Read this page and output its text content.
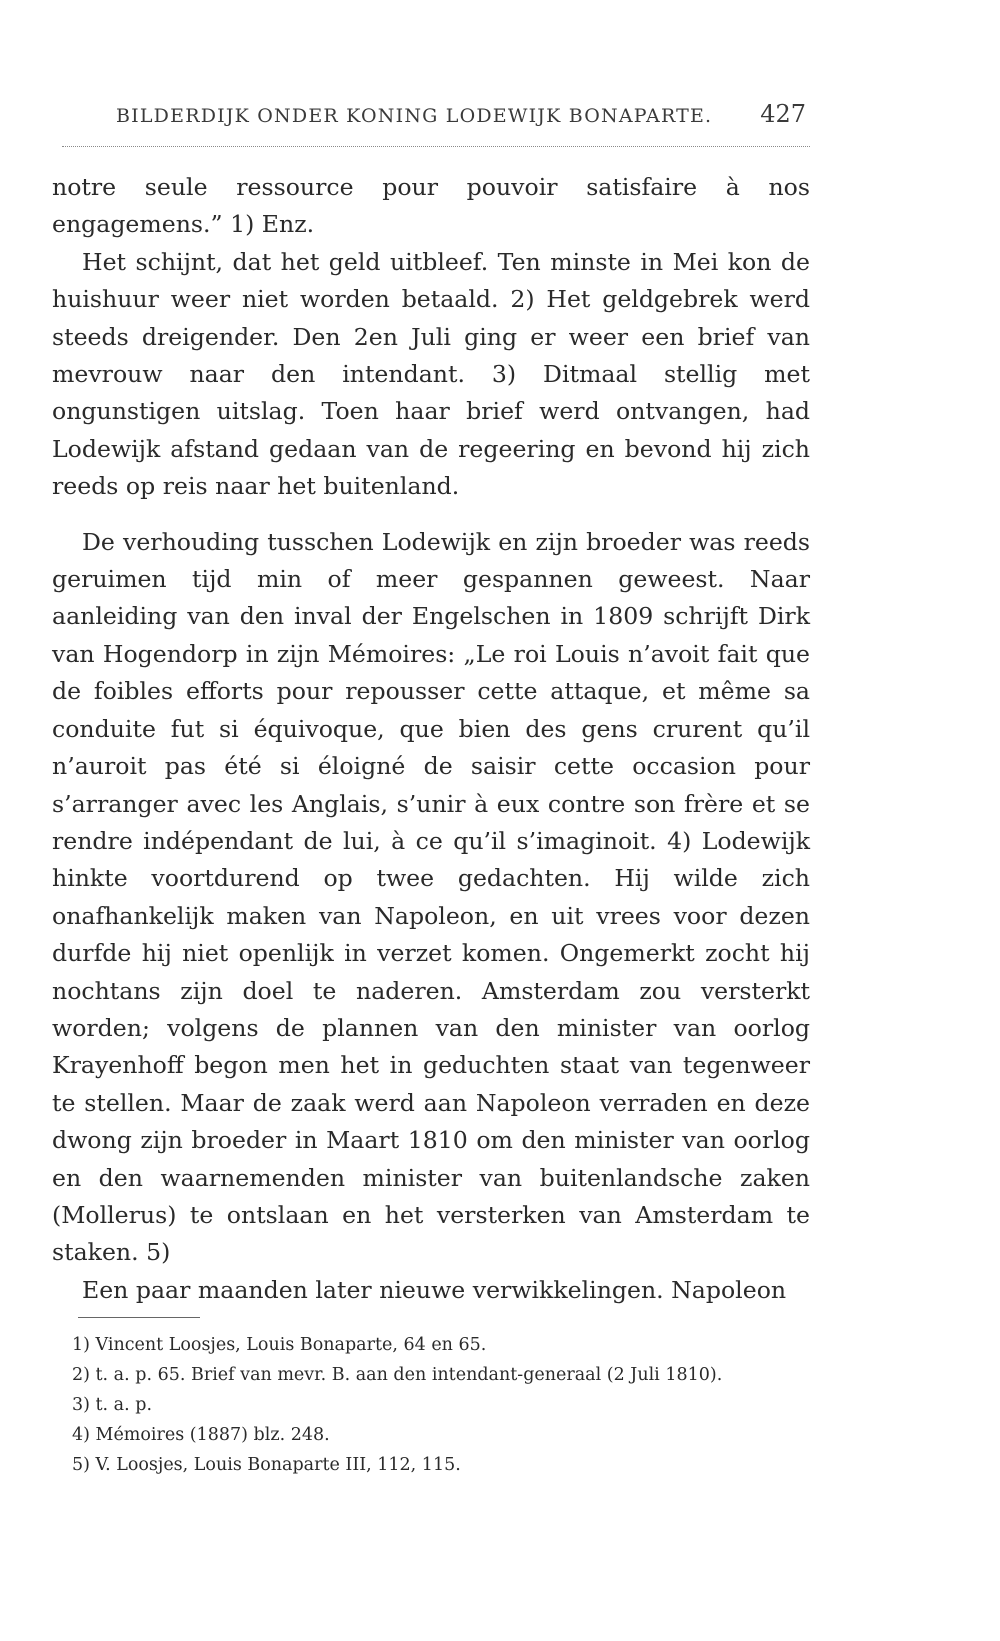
BILDERDIJK ONDER KONING LODEWIJK BONAPARTE. 427

notre seule ressource pour pouvoir satisfaire à nos engagemens.” 1) Enz.

Het schijnt, dat het geld uitbleef. Ten minste in Mei kon de huishuur weer niet worden betaald. 2) Het geldgebrek werd steeds dreigender. Den 2en Juli ging er weer een brief van mevrouw naar den intendant. 3) Ditmaal stellig met ongunstigen uitslag. Toen haar brief werd ontvangen, had Lodewijk afstand gedaan van de regeering en bevond hij zich reeds op reis naar het buitenland.

De verhouding tusschen Lodewijk en zijn broeder was reeds geruimen tijd min of meer gespannen geweest. Naar aanleiding van den inval der Engelschen in 1809 schrijft Dirk van Hogendorp in zijn Mémoires: „Le roi Louis n’avoit fait que de foibles efforts pour repousser cette attaque, et même sa conduite fut si équivoque, que bien des gens crurent qu’il n’auroit pas été si éloigné de saisir cette occasion pour s’arranger avec les Anglais, s’unir à eux contre son frère et se rendre indépendant de lui, à ce qu’il s’imaginoit. 4) Lodewijk hinkte voortdurend op twee gedachten. Hij wilde zich onafhankelijk maken van Napoleon, en uit vrees voor dezen durfde hij niet openlijk in verzet komen. Ongemerkt zocht hij nochtans zijn doel te naderen. Amsterdam zou versterkt worden; volgens de plannen van den minister van oorlog Krayenhoff begon men het in geduchten staat van tegenweer te stellen. Maar de zaak werd aan Napoleon verraden en deze dwong zijn broeder in Maart 1810 om den minister van oorlog en den waarnemenden minister van buitenlandsche zaken (Mollerus) te ontslaan en het versterken van Amsterdam te staken. 5)

Een paar maanden later nieuwe verwikkelingen. Napoleon

1) Vincent Loosjes, Louis Bonaparte, 64 en 65.
2) t. a. p. 65. Brief van mevr. B. aan den intendant-generaal (2 Juli 1810).
3) t. a. p.
4) Mémoires (1887) blz. 248.
5) V. Loosjes, Louis Bonaparte III, 112, 115.
